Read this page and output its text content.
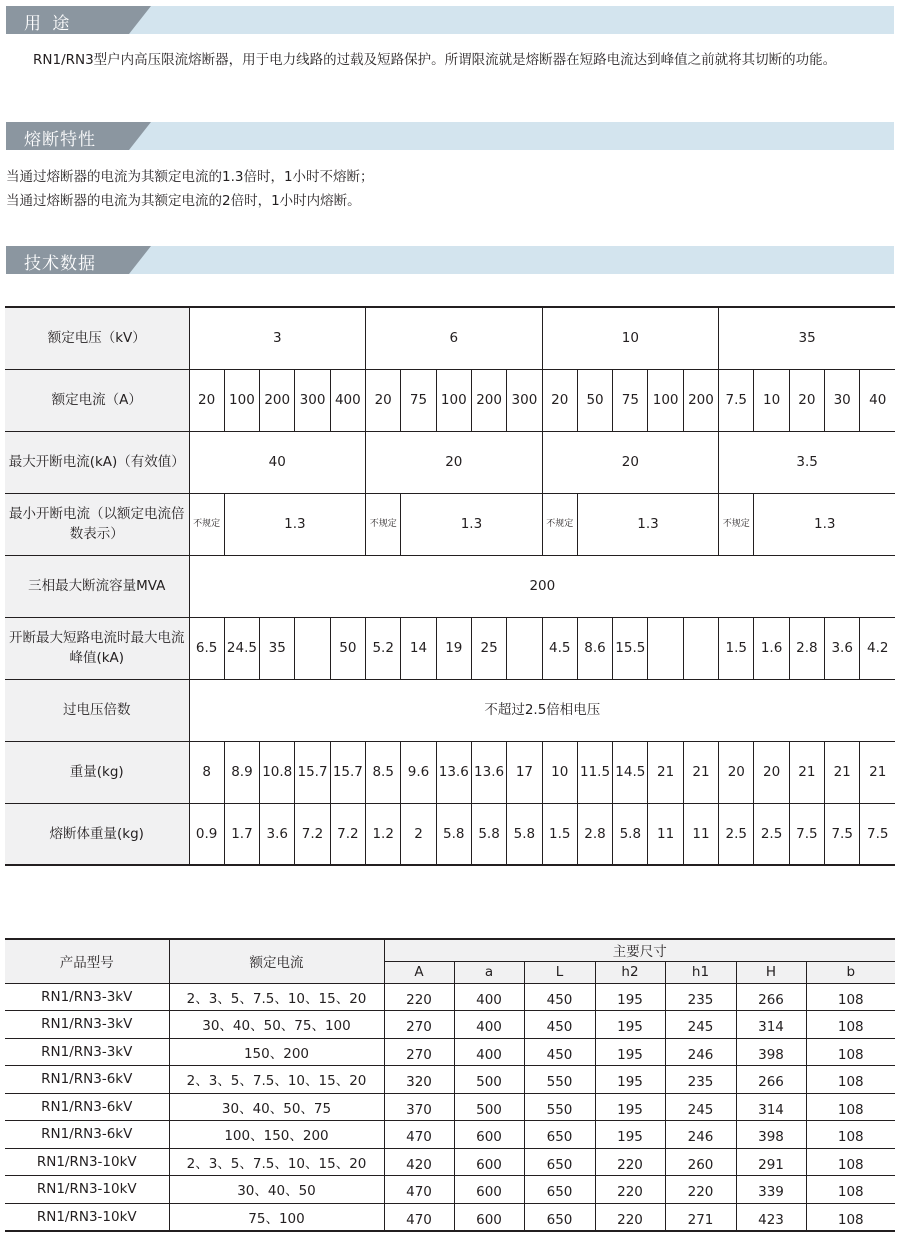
用 途
RN1/RN3型户内高压限流熔断器，用于电力线路的过载及短路保护。所谓限流就是熔断器在短路电流达到峰值之前就将其切断的功能。
熔断特性
当通过熔断器的电流为其额定电流的1.3倍时，1小时不熔断；
当通过熔断器的电流为其额定电流的2倍时，1小时内熔断。
技术数据
额定电压（kV）	3					6					10					35				
额定电流（A）	20	100	200	300	400	20	75	100	200	300	20	50	75	100	200	7.5	10	20	30	40
最大开断电流(kA)（有效值）	40					20					20					3.5				
最小开断电流（以额定电流倍数表示）	不规定	1.3				不规定	1.3				不规定	1.3				不规定	1.3			
三相最大断流容量MVA	200																			
开断最大短路电流时最大电流峰值(kA)	6.5	24.5	35		50	5.2	14	19	25		4.5	8.6	15.5			1.5	1.6	2.8	3.6	4.2
过电压倍数	不超过2.5倍相电压																			
重量(kg)	8	8.9	10.8	15.7	15.7	8.5	9.6	13.6	13.6	17	10	11.5	14.5	21	21	20	20	21	21	21
熔断体重量(kg)	0.9	1.7	3.6	7.2	7.2	1.2	2	5.8	5.8	5.8	1.5	2.8	5.8	11	11	2.5	2.5	7.5	7.5	7.5
产品型号	额定电流	主要尺寸						
		A	a	L	h2	h1	H	b
RN1/RN3-3kV	2、3、5、7.5、10、15、20	220	400	450	195	235	266	108
RN1/RN3-3kV	30、40、50、75、100	270	400	450	195	245	314	108
RN1/RN3-3kV	150、200	270	400	450	195	246	398	108
RN1/RN3-6kV	2、3、5、7.5、10、15、20	320	500	550	195	235	266	108
RN1/RN3-6kV	30、40、50、75	370	500	550	195	245	314	108
RN1/RN3-6kV	100、150、200	470	600	650	195	246	398	108
RN1/RN3-10kV	2、3、5、7.5、10、15、20	420	600	650	220	260	291	108
RN1/RN3-10kV	30、40、50	470	600	650	220	220	339	108
RN1/RN3-10kV	75、100	470	600	650	220	271	423	108
